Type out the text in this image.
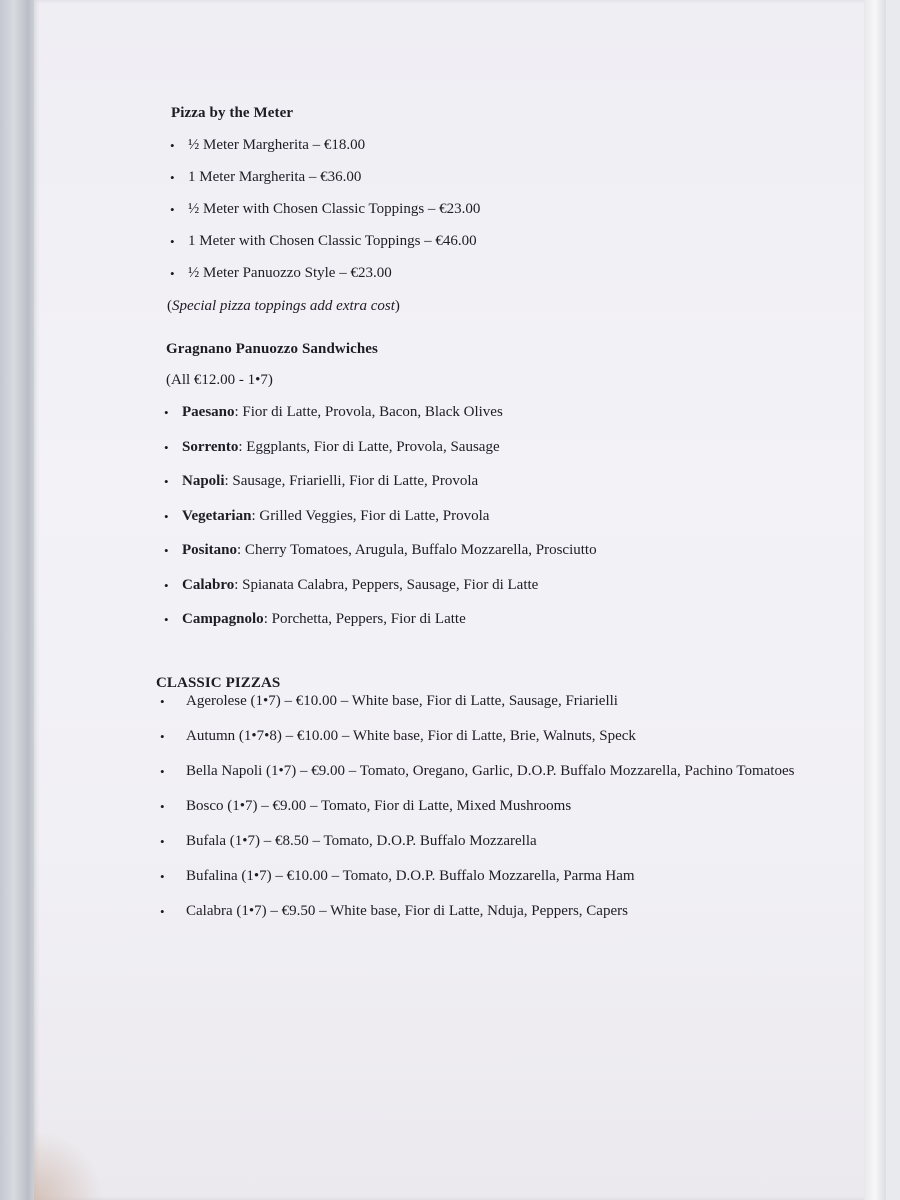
Pizza by the Meter
• ½ Meter Margherita – €18.00
• 1 Meter Margherita – €36.00
• ½ Meter with Chosen Classic Toppings – €23.00
• 1 Meter with Chosen Classic Toppings – €46.00
• ½ Meter Panuozzo Style – €23.00
(Special pizza toppings add extra cost)
Gragnano Panuozzo Sandwiches
(All €12.00 - 1•7)
• Paesano: Fior di Latte, Provola, Bacon, Black Olives
• Sorrento: Eggplants, Fior di Latte, Provola, Sausage
• Napoli: Sausage, Friarielli, Fior di Latte, Provola
• Vegetarian: Grilled Veggies, Fior di Latte, Provola
• Positano: Cherry Tomatoes, Arugula, Buffalo Mozzarella, Prosciutto
• Calabro: Spianata Calabra, Peppers, Sausage, Fior di Latte
• Campagnolo: Porchetta, Peppers, Fior di Latte
CLASSIC PIZZAS
• Agerolese (1•7) – €10.00 – White base, Fior di Latte, Sausage, Friarielli
• Autumn (1•7•8) – €10.00 – White base, Fior di Latte, Brie, Walnuts, Speck
• Bella Napoli (1•7) – €9.00 – Tomato, Oregano, Garlic, D.O.P. Buffalo Mozzarella, Pachino Tomatoes
• Bosco (1•7) – €9.00 – Tomato, Fior di Latte, Mixed Mushrooms
• Bufala (1•7) – €8.50 – Tomato, D.O.P. Buffalo Mozzarella
• Bufalina (1•7) – €10.00 – Tomato, D.O.P. Buffalo Mozzarella, Parma Ham
• Calabra (1•7) – €9.50 – White base, Fior di Latte, Nduja, Peppers, Capers
